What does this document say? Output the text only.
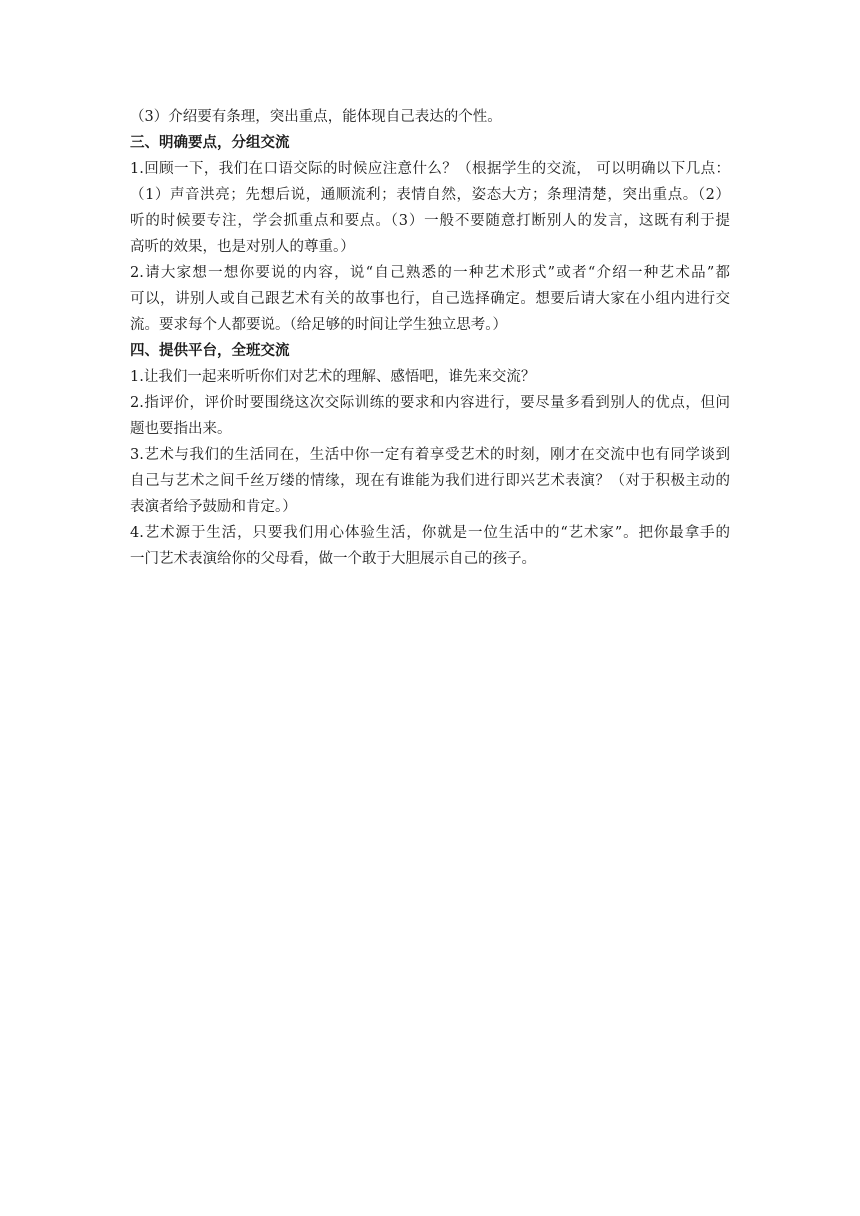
（3）介绍要有条理，突出重点，能体现自己表达的个性。

三、明确要点，分组交流

1.回顾一下，我们在口语交际的时候应注意什么？（根据学生的交流， 可以明确以下几点：

（1）声音洪亮；先想后说，通顺流利；表情自然，姿态大方；条理清楚，突出重点。（2）

听的时候要专注，学会抓重点和要点。（3）一般不要随意打断别人的发言，这既有利于提

高听的效果，也是对别人的尊重。）

2.请大家想一想你要说的内容，说“自己熟悉的一种艺术形式”或者“介绍一种艺术品”都

可以，讲别人或自己跟艺术有关的故事也行，自己选择确定。想要后请大家在小组内进行交

流。要求每个人都要说。（给足够的时间让学生独立思考。）

四、提供平台，全班交流

1.让我们一起来听听你们对艺术的理解、感悟吧，谁先来交流？

2.指评价，评价时要围绕这次交际训练的要求和内容进行，要尽量多看到别人的优点，但问

题也要指出来。

3.艺术与我们的生活同在，生活中你一定有着享受艺术的时刻，刚才在交流中也有同学谈到

自己与艺术之间千丝万缕的情缘，现在有谁能为我们进行即兴艺术表演？（对于积极主动的

表演者给予鼓励和肯定。）

4.艺术源于生活，只要我们用心体验生活，你就是一位生活中的“艺术家”。把你最拿手的

一门艺术表演给你的父母看，做一个敢于大胆展示自己的孩子。
